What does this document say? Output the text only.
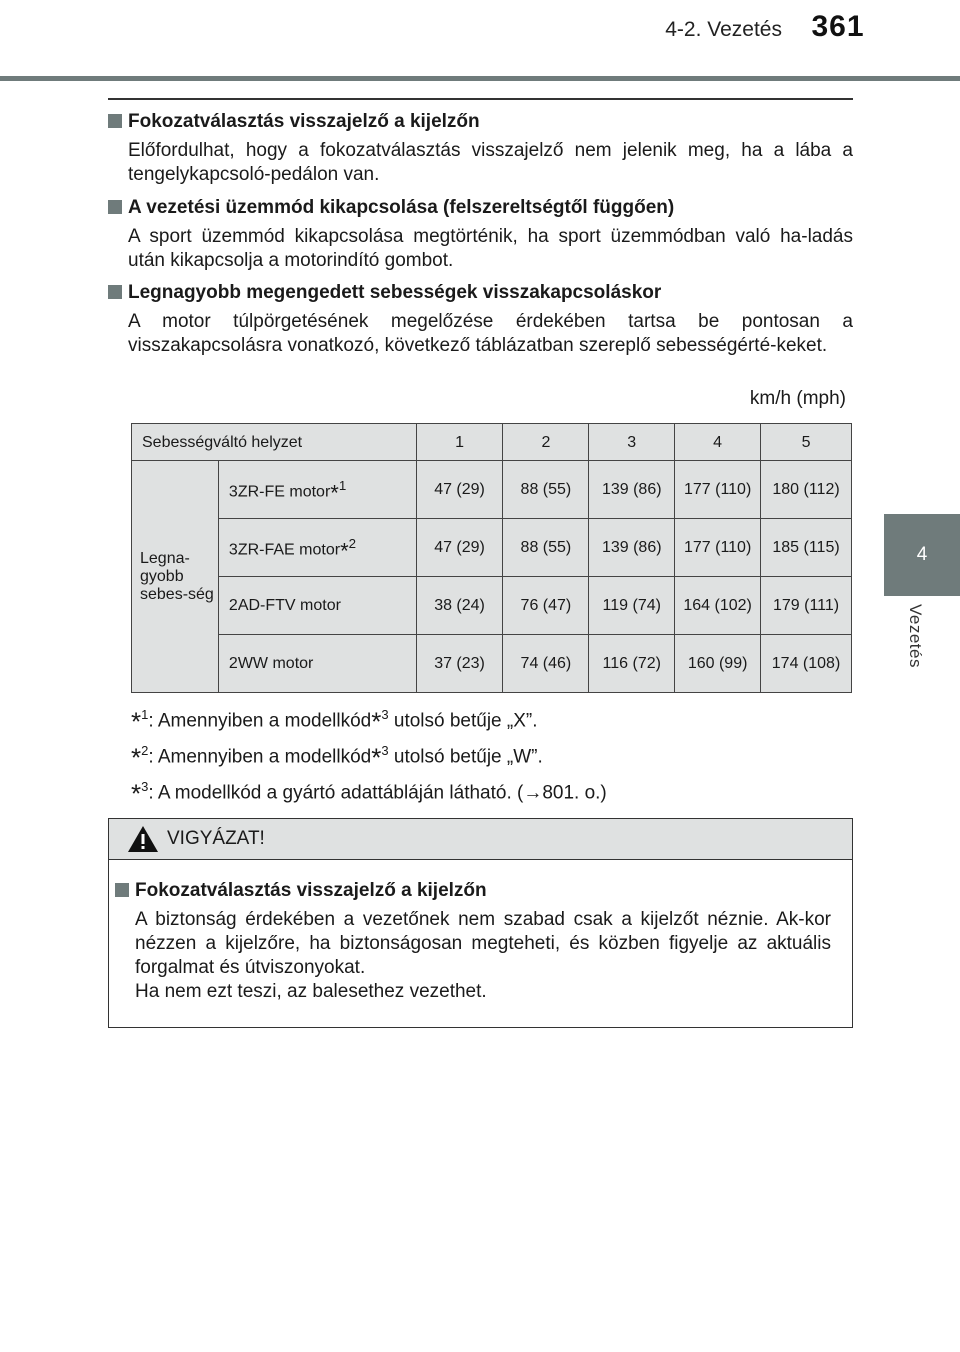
4-2. Vezetés 361
4
Vezetés
Fokozatválasztás visszajelző a kijelzőn
Előfordulhat, hogy a fokozatválasztás visszajelző nem jelenik meg, ha a lába a tengelykapcsoló-pedálon van.
A vezetési üzemmód kikapcsolása (felszereltségtől függően)
A sport üzemmód kikapcsolása megtörténik, ha sport üzemmódban való ha-ladás után kikapcsolja a motorindító gombot.
Legnagyobb megengedett sebességek visszakapcsoláskor
A motor túlpörgetésének megelőzése érdekében tartsa be pontosan a visszakapcsolásra vonatkozó, következő táblázatban szereplő sebességérté-keket.
km/h (mph)
Sebességváltó helyzet		1	2	3	4	5
Legna-gyobb sebes-ség	3ZR-FE motor*$^1$	47 (29)	88 (55)	139 (86)	177 (110)	180 (112)
	3ZR-FAE motor*$^2$	47 (29)	88 (55)	139 (86)	177 (110)	185 (115)
	2AD-FTV motor	38 (24)	76 (47)	119 (74)	164 (102)	179 (111)
	2WW motor	37 (23)	74 (46)	116 (72)	160 (99)	174 (108)
*$^1$: Amennyiben a modellkód*$^3$ utolsó betűje „X”.
*$^2$: Amennyiben a modellkód*$^3$ utolsó betűje „W”.
*$^3$: A modellkód a gyártó adattábláján látható. (→801. o.)
VIGYÁZAT!
Fokozatválasztás visszajelző a kijelzőn
A biztonság érdekében a vezetőnek nem szabad csak a kijelzőt néznie. Ak-kor nézzen a kijelzőre, ha biztonságosan megteheti, és közben figyelje az aktuális forgalmat és útviszonyokat.
Ha nem ezt teszi, az balesethez vezethet.
